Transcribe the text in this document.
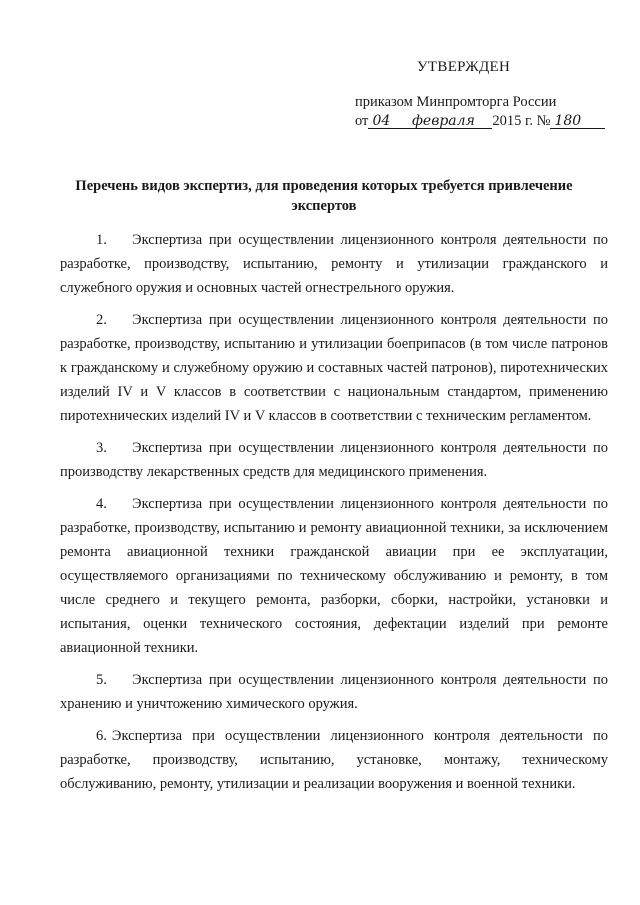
УТВЕРЖДЕН
приказом Минпромторга России
от 04 февраля 2015 г. № 180
Перечень видов экспертиз, для проведения которых требуется привлечение экспертов

1. Экспертиза при осуществлении лицензионного контроля деятельности по разработке, производству, испытанию, ремонту и утилизации гражданского и служебного оружия и основных частей огнестрельного оружия.

2. Экспертиза при осуществлении лицензионного контроля деятельности по разработке, производству, испытанию и утилизации боеприпасов (в том числе патронов к гражданскому и служебному оружию и составных частей патронов), пиротехнических изделий IV и V классов в соответствии с национальным стандартом, применению пиротехнических изделий IV и V классов в соответствии с техническим регламентом.

3. Экспертиза при осуществлении лицензионного контроля деятельности по производству лекарственных средств для медицинского применения.

4. Экспертиза при осуществлении лицензионного контроля деятельности по разработке, производству, испытанию и ремонту авиационной техники, за исключением ремонта авиационной техники гражданской авиации при ее эксплуатации, осуществляемого организациями по техническому обслуживанию и ремонту, в том числе среднего и текущего ремонта, разборки, сборки, настройки, установки и испытания, оценки технического состояния, дефектации изделий при ремонте авиационной техники.

5. Экспертиза при осуществлении лицензионного контроля деятельности по хранению и уничтожению химического оружия.

6. Экспертиза при осуществлении лицензионного контроля деятельности по разработке, производству, испытанию, установке, монтажу, техническому обслуживанию, ремонту, утилизации и реализации вооружения и военной техники.
